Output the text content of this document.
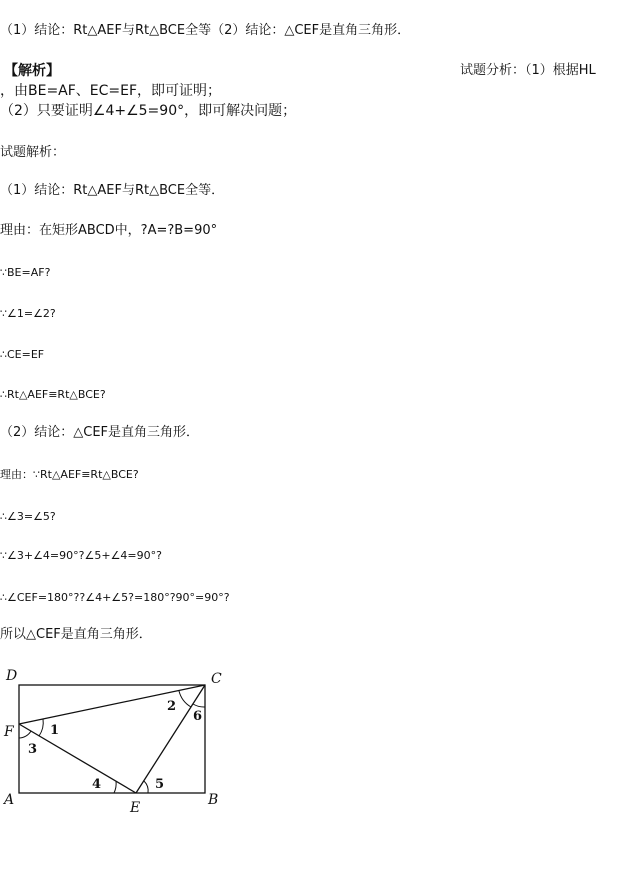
（1）结论：Rt△AEF与Rt△BCE全等（2）结论：△CEF是直角三角形．
【解析】	试题分析：（1）根据HL
，由BE=AF、EC=EF，即可证明；
（2）只要证明∠4+∠5=90°，即可解决问题；
试题解析：
（1）结论：Rt△AEF与Rt△BCE全等．
理由：在矩形ABCD中，?A=?B=90°
∵BE=AF?
∵∠1=∠2?
∴CE=EF
∴Rt△AEF≡Rt△BCE?
（2）结论：△CEF是直角三角形．
理由：∵Rt△AEF≡Rt△BCE?
∴∠3=∠5?
∵∠3+∠4=90°?∠5+∠4=90°?
∴∠CEF=180°??∠4+∠5?=180°?90°=90°?
所以△CEF是直角三角形．
D	C
F
A	B
E
1
2
3
4	5
6
